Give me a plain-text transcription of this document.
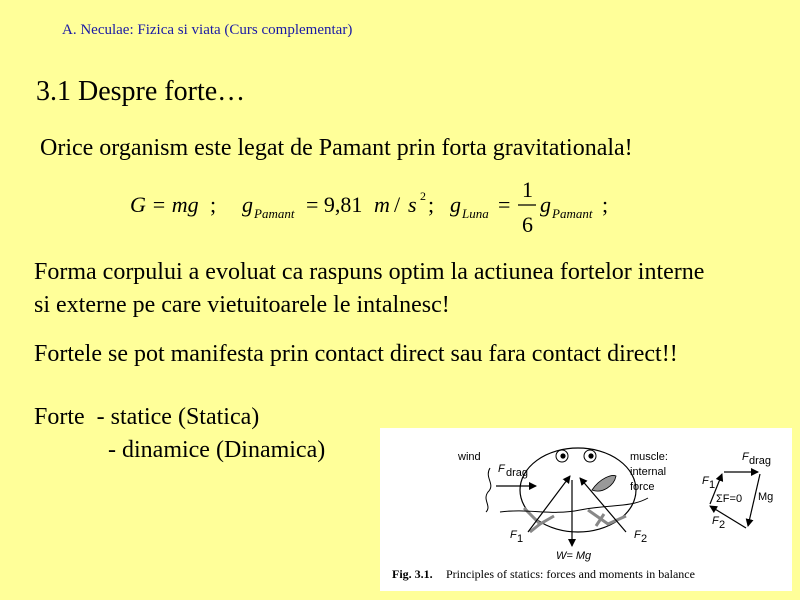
A. Neculae: Fizica si viata (Curs complementar)
3.1 Despre forte…
Orice organism este legat de Pamant prin forta gravitationala!
G = mg ; g Pamant = 9,81 m / s 2 ; g Luna =
1
6
g Pamant ;
Forma corpului a evoluat ca raspuns optim la actiunea fortelor interne
si externe pe care vietuitoarele le intalnesc!
Fortele se pot manifesta prin contact direct sau fara contact direct!!
Forte  - statice (Statica)
- dinamice (Dinamica)	wind
F drag
muscle:
internal
force
F 1	F 2
W= Mg
F drag
F 1
ΣF=0 Mg
F 2
Fig. 3.1. Principles of statics: forces and moments in balance
